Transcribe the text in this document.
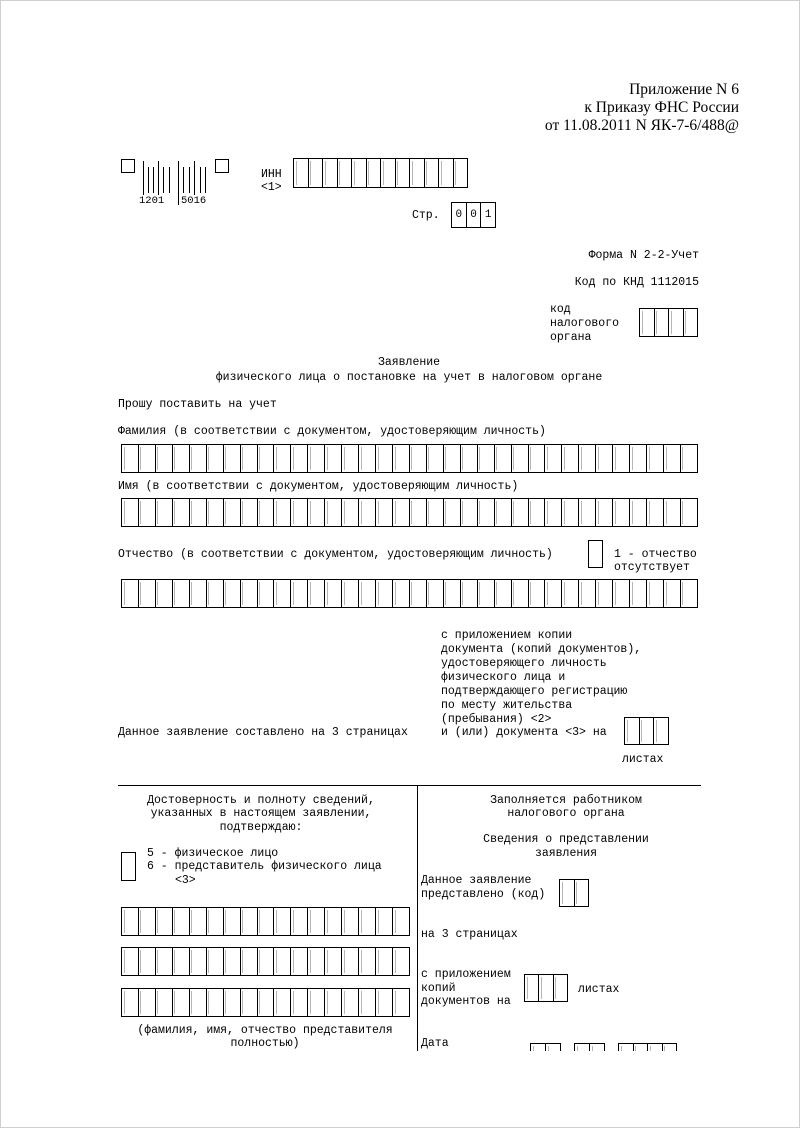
Приложение N 6
к Приказу ФНС России
от 11.08.2011 N ЯК-7-6/488@
1201 5016
ИНН
<1>
Стр.	0 0 1
Форма N 2-2-Учет
Код по КНД 1112015
код
налогового
органа
Заявление
физического лица о постановке на учет в налоговом органе
Прошу поставить на учет
Фамилия (в соответствии с документом, удостоверяющим личность)
Имя (в соответствии с документом, удостоверяющим личность)
Отчество (в соответствии с документом, удостоверяющим личность)	1 - отчество
отсутствует
с приложением копии
документа (копий документов),
удостоверяющего личность
физического лица и
подтверждающего регистрацию
по месту жительства
(пребывания) <2>
и (или) документа <3> на
Данное заявление составлено на 3 страницах
листах
Достоверность и полноту сведений,
указанных в настоящем заявлении,
подтверждаю:
5 - физическое лицо
6 - представитель физического лица
<3>
(фамилия, имя, отчество представителя
полностью)
Заполняется работником
налогового органа
Сведения о представлении
заявления
Данное заявление
представлено (код)
на 3 страницах
с приложением
копий
документов на
листах
Дата
